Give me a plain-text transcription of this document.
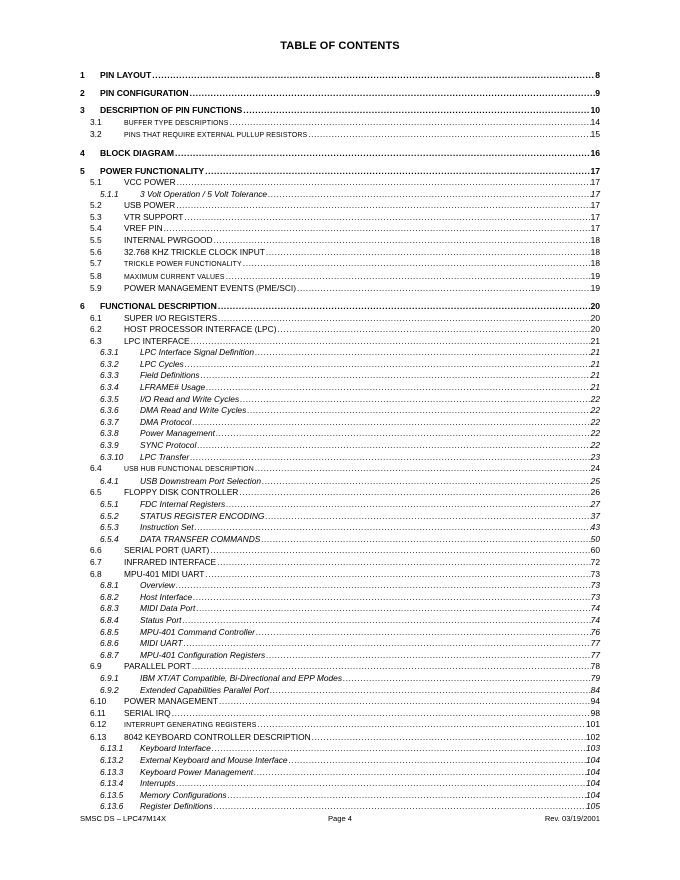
TABLE OF CONTENTS
1	PIN LAYOUT .....	8
2	PIN CONFIGURATION .....	9
3	DESCRIPTION OF PIN FUNCTIONS .....	10
3.1	BUFFER TYPE DESCRIPTIONS .....	14
3.2	PINS THAT REQUIRE EXTERNAL PULLUP RESISTORS .....	15
4	BLOCK DIAGRAM .....	16
5	POWER FUNCTIONALITY .....	17
5.1	VCC POWER .....	17
5.1.1	3 Volt Operation / 5 Volt Tolerance .....	17
5.2	USB POWER .....	17
5.3	VTR SUPPORT .....	17
5.4	VREF PIN .....	17
5.5	INTERNAL PWRGOOD .....	18
5.6	32.768 KHZ TRICKLE CLOCK INPUT .....	18
5.7	TRICKLE POWER FUNCTIONALITY .....	18
5.8	MAXIMUM CURRENT VALUES .....	19
5.9	POWER MANAGEMENT EVENTS (PME/SCI) .....	19
6	FUNCTIONAL DESCRIPTION .....	20
6.1	SUPER I/O REGISTERS .....	20
6.2	HOST PROCESSOR INTERFACE (LPC) .....	20
6.3	LPC INTERFACE .....	21
6.3.1	LPC Interface Signal Definition .....	21
6.3.2	LPC Cycles .....	21
6.3.3	Field Definitions .....	21
6.3.4	LFRAME# Usage .....	21
6.3.5	I/O Read and Write Cycles .....	22
6.3.6	DMA Read and Write Cycles .....	22
6.3.7	DMA Protocol .....	22
6.3.8	Power Management .....	22
6.3.9	SYNC Protocol .....	22
6.3.10	LPC Transfer .....	23
6.4	USB HUB FUNCTIONAL DESCRIPTION .....	24
6.4.1	USB Downstream Port Selection .....	25
6.5	FLOPPY DISK CONTROLLER .....	26
6.5.1	FDC Internal Registers .....	27
6.5.2	STATUS REGISTER ENCODING .....	37
6.5.3	Instruction Set .....	43
6.5.4	DATA TRANSFER COMMANDS .....	50
6.6	SERIAL PORT (UART) .....	60
6.7	INFRARED INTERFACE .....	72
6.8	MPU-401 MIDI UART .....	73
6.8.1	Overview .....	73
6.8.2	Host Interface .....	73
6.8.3	MIDI Data Port .....	74
6.8.4	Status Port .....	74
6.8.5	MPU-401 Command Controller .....	76
6.8.6	MIDI UART .....	77
6.8.7	MPU-401 Configuration Registers .....	77
6.9	PARALLEL PORT .....	78
6.9.1	IBM XT/AT Compatible, Bi-Directional and EPP Modes .....	79
6.9.2	Extended Capabilities Parallel Port .....	84
6.10	POWER MANAGEMENT .....	94
6.11	SERIAL IRQ .....	98
6.12	INTERRUPT GENERATING REGISTERS .....	101
6.13	8042 KEYBOARD CONTROLLER DESCRIPTION .....	102
6.13.1	Keyboard Interface .....	103
6.13.2	External Keyboard and Mouse Interface .....	104
6.13.3	Keyboard Power Management .....	104
6.13.4	Interrupts .....	104
6.13.5	Memory Configurations .....	104
6.13.6	Register Definitions .....	105
SMSC DS – LPC47M14X	Page 4	Rev. 03/19/2001
